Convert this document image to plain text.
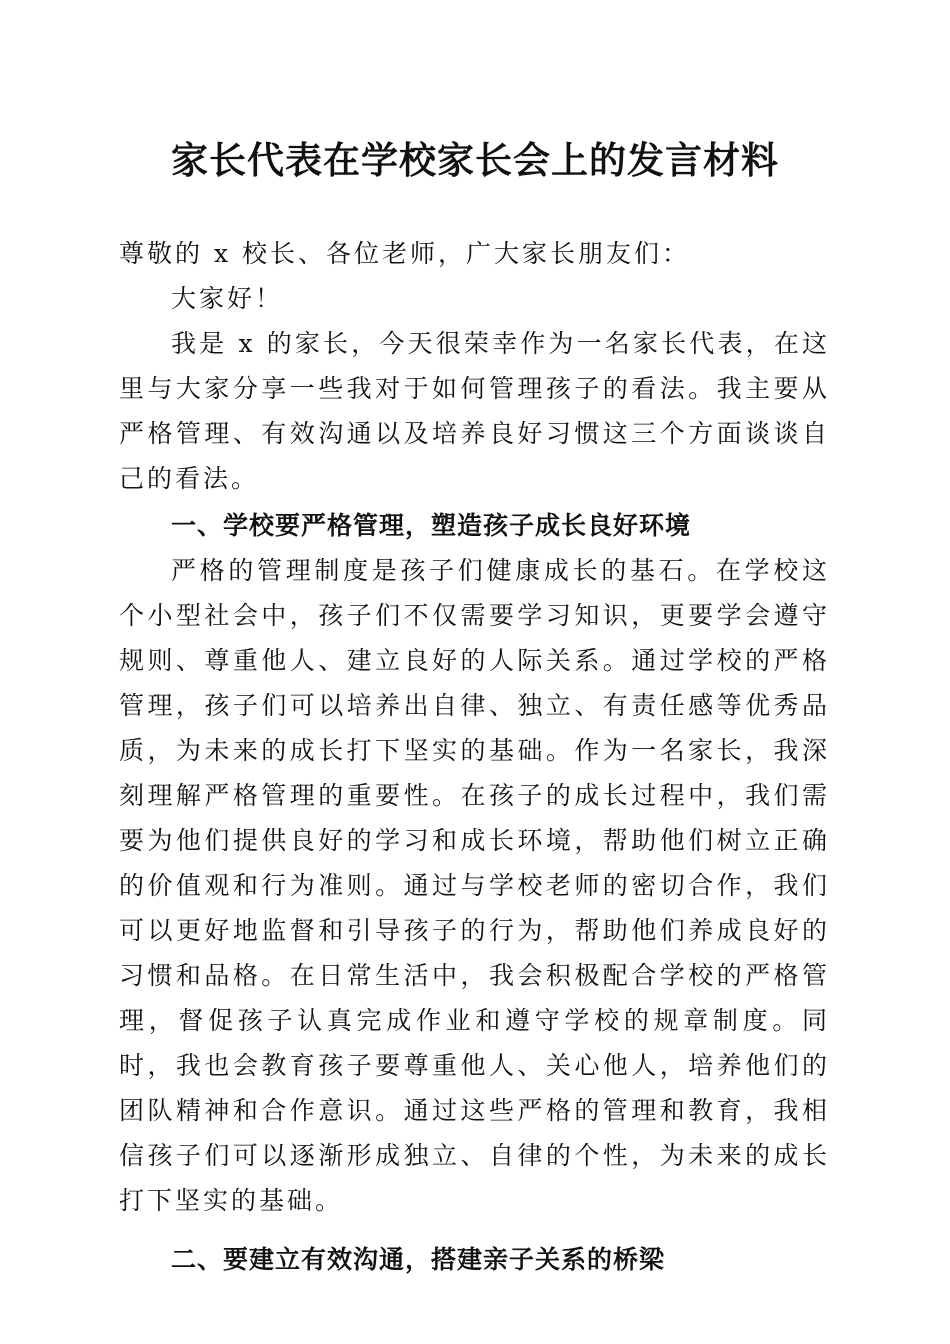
家长代表在学校家长会上的发言材料

尊敬的 x 校长、各位老师，广大家长朋友们：

大家好！

我是 x 的家长，今天很荣幸作为一名家长代表，在这里与大家分享一些我对于如何管理孩子的看法。我主要从严格管理、有效沟通以及培养良好习惯这三个方面谈谈自己的看法。

一、学校要严格管理，塑造孩子成长良好环境

严格的管理制度是孩子们健康成长的基石。在学校这个小型社会中，孩子们不仅需要学习知识，更要学会遵守规则、尊重他人、建立良好的人际关系。通过学校的严格管理，孩子们可以培养出自律、独立、有责任感等优秀品质，为未来的成长打下坚实的基础。作为一名家长，我深刻理解严格管理的重要性。在孩子的成长过程中，我们需要为他们提供良好的学习和成长环境，帮助他们树立正确的价值观和行为准则。通过与学校老师的密切合作，我们可以更好地监督和引导孩子的行为，帮助他们养成良好的习惯和品格。在日常生活中，我会积极配合学校的严格管理，督促孩子认真完成作业和遵守学校的规章制度。同时，我也会教育孩子要尊重他人、关心他人，培养他们的团队精神和合作意识。通过这些严格的管理和教育，我相信孩子们可以逐渐形成独立、自律的个性，为未来的成长打下坚实的基础。

二、要建立有效沟通，搭建亲子关系的桥梁
